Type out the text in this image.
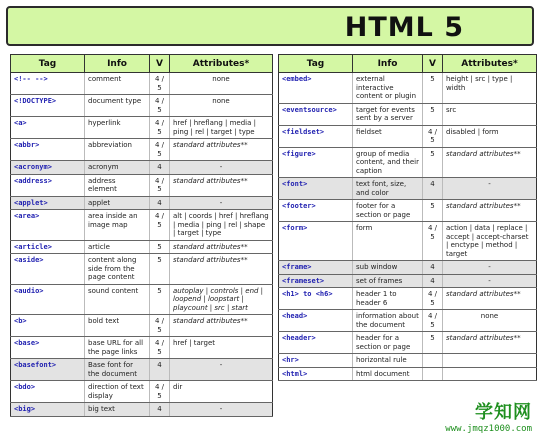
HTML 5
Tag	Info	V	Attributes*
<!-- -->	comment	4 / 5	none
<!DOCTYPE>	document type	4 / 5	none
<a>	hyperlink	4 / 5	href | hreflang | media | ping | rel | target | type
<abbr>	abbreviation	4 / 5	standard attributes**
<acronym>	acronym	4	-
<address>	address element	4 / 5	standard attributes**
<applet>	applet	4	-
<area>	area inside an image map	4 / 5	alt | coords | href | hreflang | media | ping | rel | shape | target | type
<article>	article	5	standard attributes**
<aside>	content along side from the page content	5	standard attributes**
<audio>	sound content	5	autoplay | controls | end | loopend | loopstart | playcount | src | start
<b>	bold text	4 / 5	standard attributes**
<base>	base URL for all the page links	4 / 5	href | target
<basefont>	Base font for the document	4	-
<bdo>	direction of text display	4 / 5	dir
<big>	big text	4	-
Tag	Info	V	Attributes*
<embed>	external interactive content or plugin	5	height | src | type | width
<eventsource>	target for events sent by a server	5	src
<fieldset>	fieldset	4 / 5	disabled | form
<figure>	group of media content, and their caption	5	standard attributes**
<font>	text font, size, and color	4	-
<footer>	footer for a section or page	5	standard attributes**
<form>	form	4 / 5	action | data | replace | accept | accept-charset | enctype | method | target
<frame>	sub window	4	-
<frameset>	set of frames	4	-
<h1> to <h6>	header 1 to header 6	4 / 5	standard attributes**
<head>	information about the document	4 / 5	none
<header>	header for a section or page	5	standard attributes**
<hr>	horizontal rule		
<html>	html document		
学知网
www.jmqz1000.com
